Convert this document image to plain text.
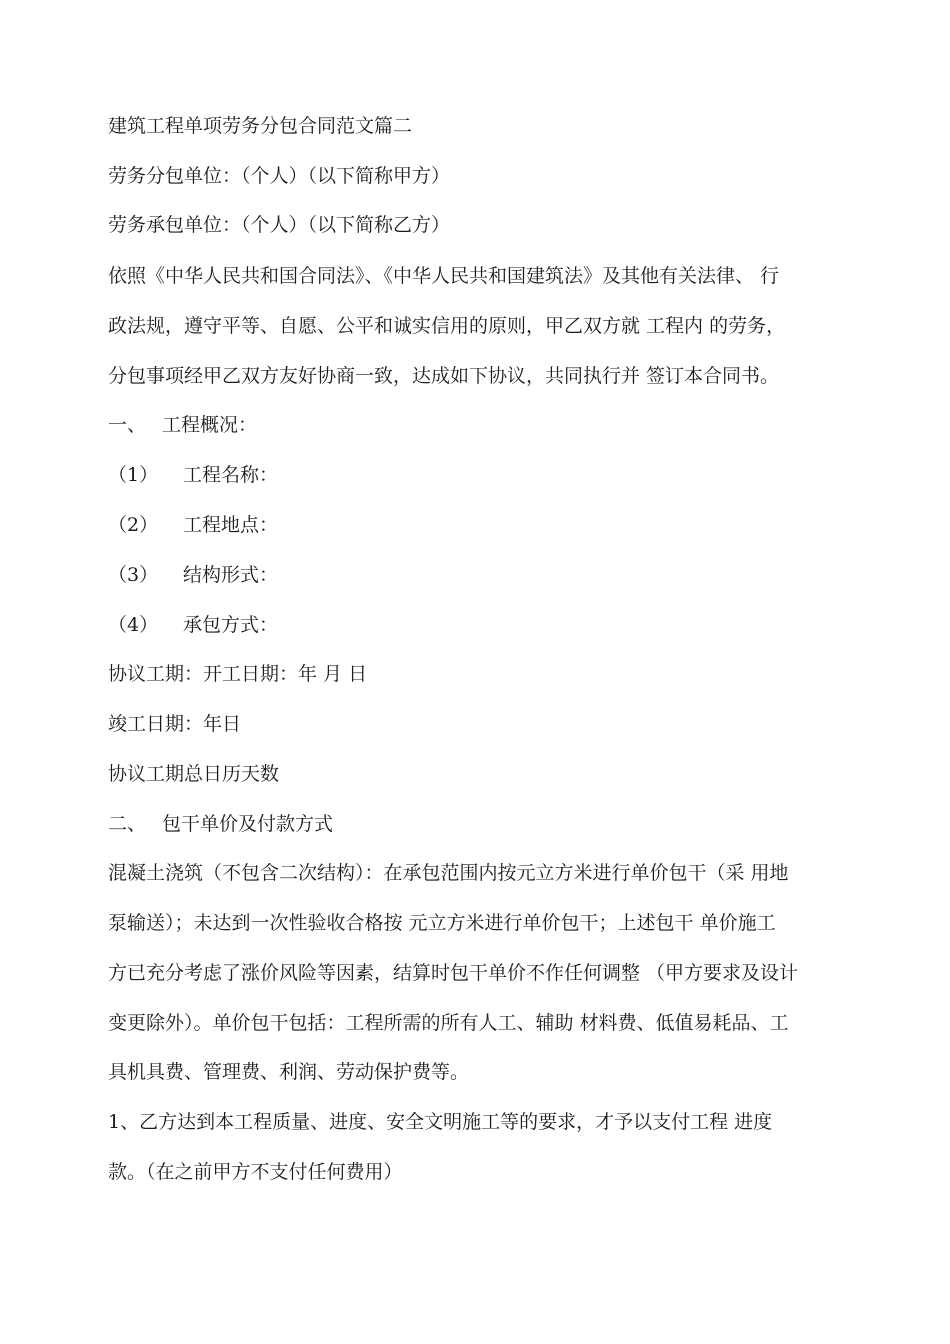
建筑工程单项劳务分包合同范文篇二
劳务分包单位：（个人）（以下简称甲方）
劳务承包单位：（个人）（以下简称乙方）
依照《中华人民共和国合同法》、《中华人民共和国建筑法》及其他有关法律、 行
政法规，遵守平等、自愿、公平和诚实信用的原则，甲乙双方就 工程内 的劳务，
分包事项经甲乙双方友好协商一致，达成如下协议，共同执行并 签订本合同书。
一、 工程概况：
（1） 工程名称：
（2） 工程地点：
（3） 结构形式：
（4） 承包方式：
协议工期：开工日期：年 月 日
竣工日期：年日
协议工期总日历天数
二、 包干单价及付款方式
混凝土浇筑（不包含二次结构）：在承包范围内按元立方米进行单价包干（采 用地
泵输送）；未达到一次性验收合格按 元立方米进行单价包干；上述包干 单价施工
方已充分考虑了涨价风险等因素，结算时包干单价不作任何调整 （甲方要求及设计
变更除外）。单价包干包括：工程所需的所有人工、辅助 材料费、低值易耗品、工
具机具费、管理费、利润、劳动保护费等。
1、乙方达到本工程质量、进度、安全文明施工等的要求，才予以支付工程 进度
款。（在之前甲方不支付任何费用）
